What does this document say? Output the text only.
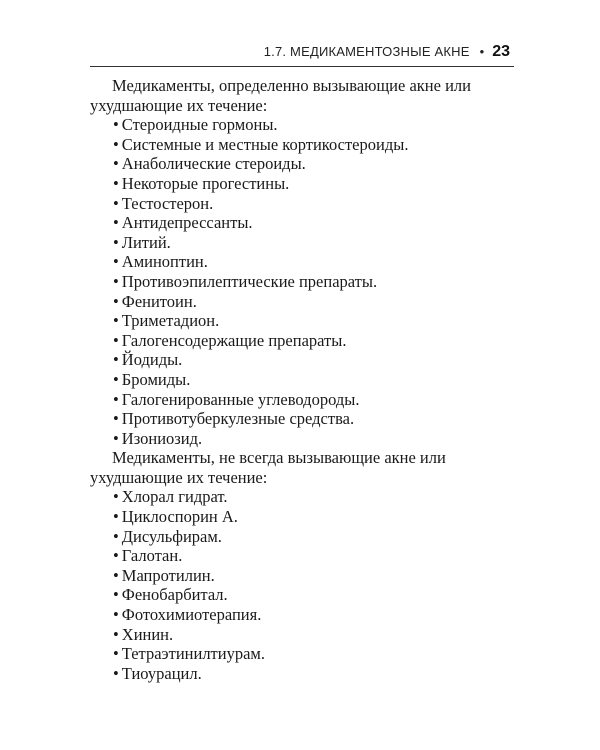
1.7. МЕДИКАМЕНТОЗНЫЕ АКНЕ • 23

Медикаменты, определенно вызывающие акне или ухудшающие их течение:

• Стероидные гормоны.
• Системные и местные кортикостероиды.
• Анаболические стероиды.
• Некоторые прогестины.
• Тестостерон.
• Антидепрессанты.
• Литий.
• Аминоптин.
• Противоэпилептические препараты.
• Фенитоин.
• Триметадион.
• Галогенсодержащие препараты.
• Йодиды.
• Бромиды.
• Галогенированные углеводороды.
• Противотуберкулезные средства.
• Изониозид.

Медикаменты, не всегда вызывающие акне или ухудшающие их течение:

• Хлорал гидрат.
• Циклоспорин А.
• Дисульфирам.
• Галотан.
• Мапротилин.
• Фенобарбитал.
• Фотохимиотерапия.
• Хинин.
• Тетраэтинилтиурам.
• Тиоурацил.
